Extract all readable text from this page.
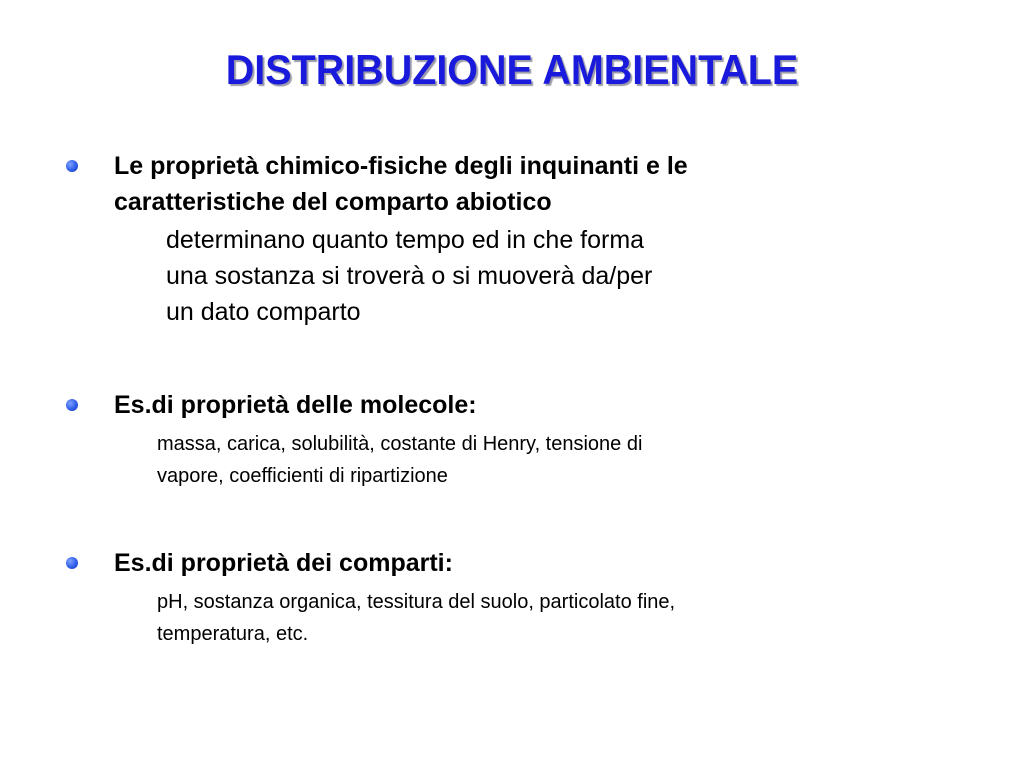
DISTRIBUZIONE AMBIENTALE
Le proprietà chimico-fisiche degli inquinanti e le
caratteristiche del comparto abiotico
determinano quanto tempo ed in che forma
una sostanza si troverà o si muoverà da/per
un dato comparto
Es.di proprietà delle molecole:
massa, carica, solubilità, costante di Henry, tensione di
vapore, coefficienti di ripartizione
Es.di proprietà dei comparti:
pH, sostanza organica, tessitura del suolo, particolato fine,
temperatura, etc.
